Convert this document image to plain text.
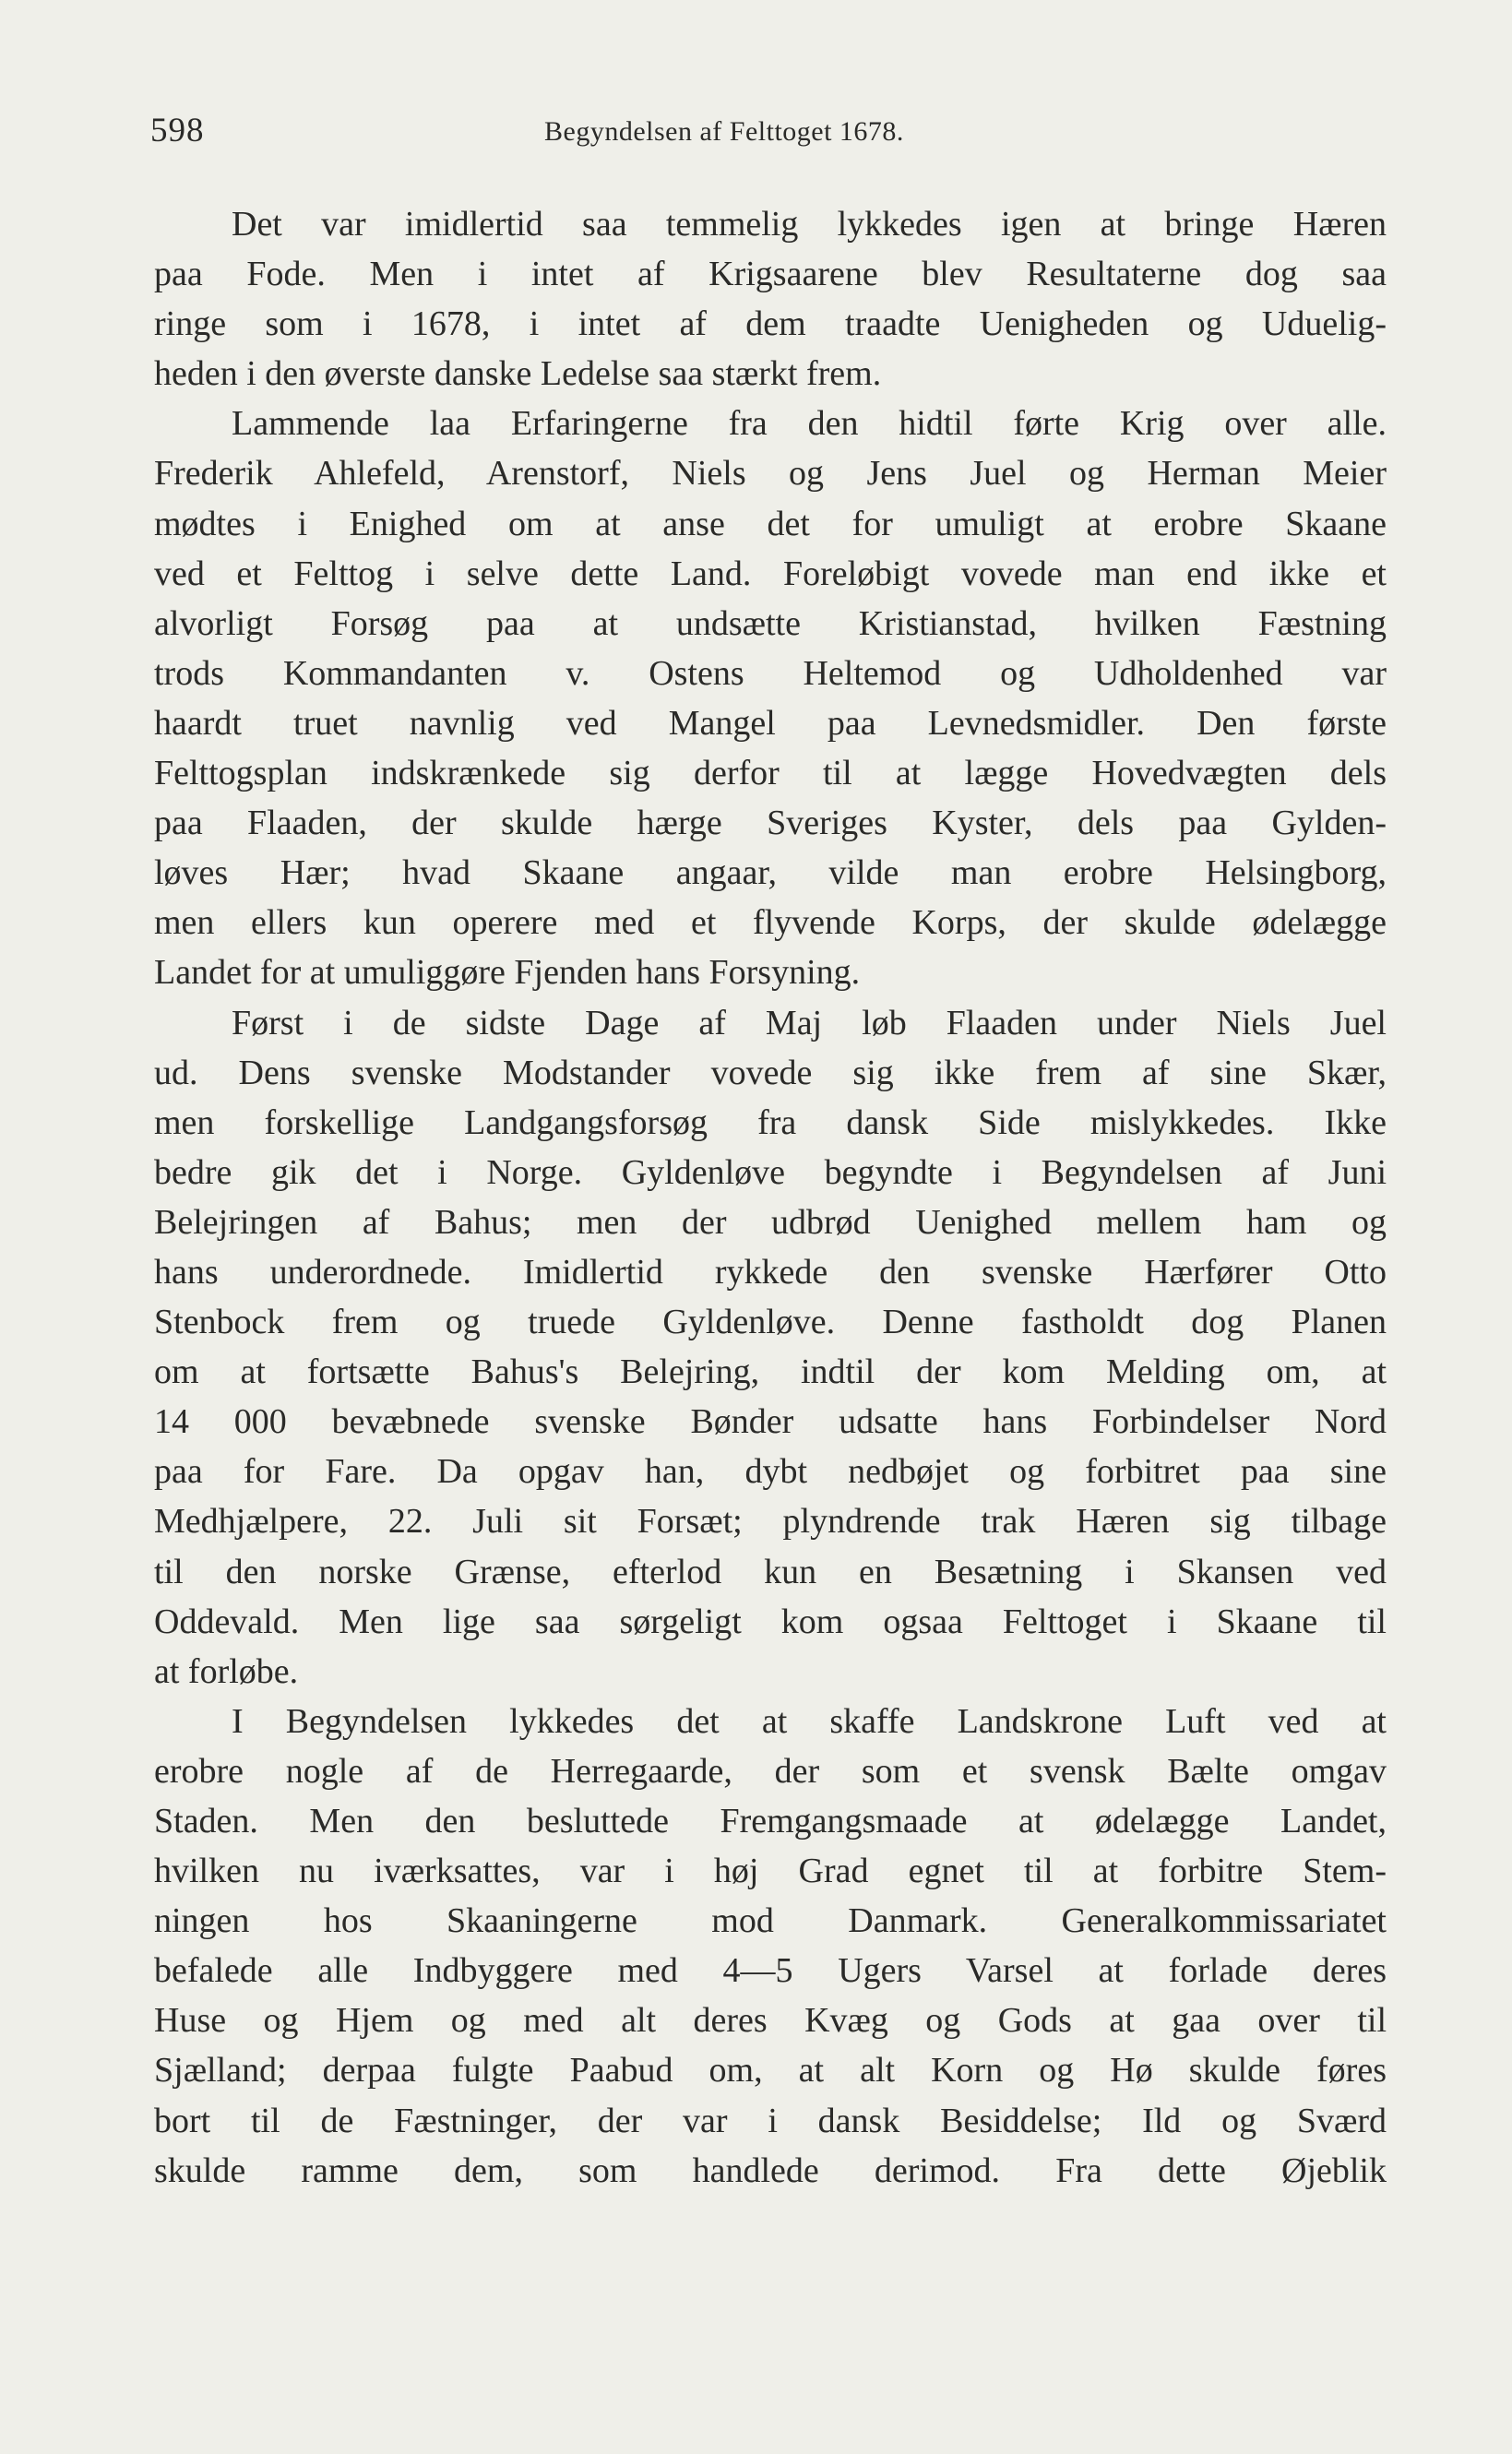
598	Begyndelsen af Felttoget 1678.
Det var imidlertid saa temmelig lykkedes igen at bringe Hæren
paa Fode. Men i intet af Krigsaarene blev Resultaterne dog saa
ringe som i 1678, i intet af dem traadte Uenigheden og Uduelig-
heden i den øverste danske Ledelse saa stærkt frem.
Lammende laa Erfaringerne fra den hidtil førte Krig over alle.
Frederik Ahlefeld, Arenstorf, Niels og Jens Juel og Herman Meier
mødtes i Enighed om at anse det for umuligt at erobre Skaane
ved et Felttog i selve dette Land. Foreløbigt vovede man end ikke et
alvorligt Forsøg paa at undsætte Kristianstad, hvilken Fæstning
trods Kommandanten v. Ostens Heltemod og Udholdenhed var
haardt truet navnlig ved Mangel paa Levnedsmidler. Den første
Felttogsplan indskrænkede sig derfor til at lægge Hovedvægten dels
paa Flaaden, der skulde hærge Sveriges Kyster, dels paa Gylden-
løves Hær; hvad Skaane angaar, vilde man erobre Helsingborg,
men ellers kun operere med et flyvende Korps, der skulde ødelægge
Landet for at umuliggøre Fjenden hans Forsyning.
Først i de sidste Dage af Maj løb Flaaden under Niels Juel
ud. Dens svenske Modstander vovede sig ikke frem af sine Skær,
men forskellige Landgangsforsøg fra dansk Side mislykkedes. Ikke
bedre gik det i Norge. Gyldenløve begyndte i Begyndelsen af Juni
Belejringen af Bahus; men der udbrød Uenighed mellem ham og
hans underordnede. Imidlertid rykkede den svenske Hærfører Otto
Stenbock frem og truede Gyldenløve. Denne fastholdt dog Planen
om at fortsætte Bahus's Belejring, indtil der kom Melding om, at
14 000 bevæbnede svenske Bønder udsatte hans Forbindelser Nord
paa for Fare. Da opgav han, dybt nedbøjet og forbitret paa sine
Medhjælpere, 22. Juli sit Forsæt; plyndrende trak Hæren sig tilbage
til den norske Grænse, efterlod kun en Besætning i Skansen ved
Oddevald. Men lige saa sørgeligt kom ogsaa Felttoget i Skaane til
at forløbe.
I Begyndelsen lykkedes det at skaffe Landskrone Luft ved at
erobre nogle af de Herregaarde, der som et svensk Bælte omgav
Staden. Men den besluttede Fremgangsmaade at ødelægge Landet,
hvilken nu iværksattes, var i høj Grad egnet til at forbitre Stem-
ningen hos Skaaningerne mod Danmark. Generalkommissariatet
befalede alle Indbyggere med 4—5 Ugers Varsel at forlade deres
Huse og Hjem og med alt deres Kvæg og Gods at gaa over til
Sjælland; derpaa fulgte Paabud om, at alt Korn og Hø skulde føres
bort til de Fæstninger, der var i dansk Besiddelse; Ild og Sværd
skulde ramme dem, som handlede derimod. Fra dette Øjeblik
